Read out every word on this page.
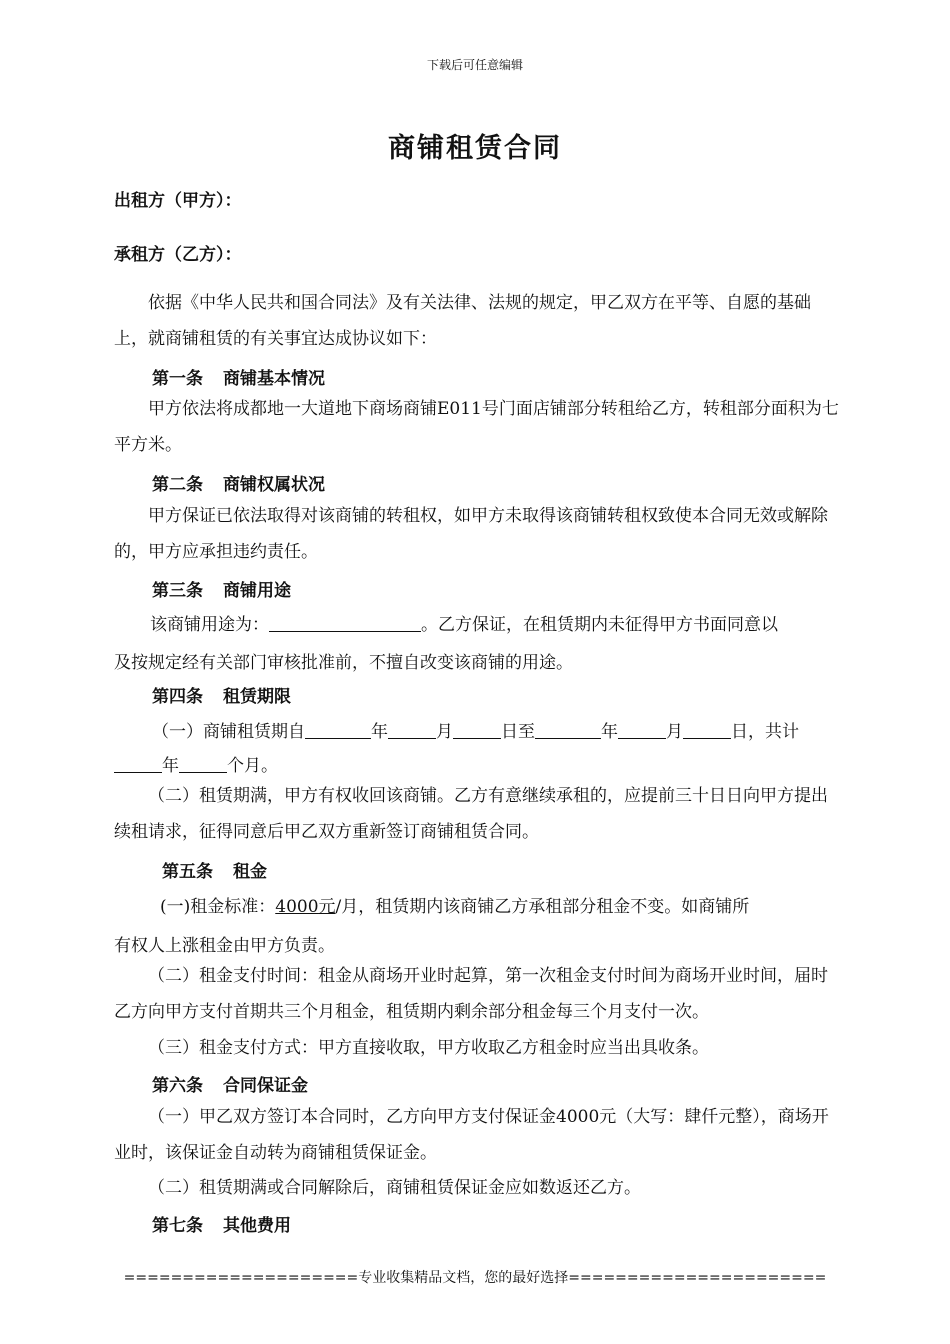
下载后可任意编辑
商铺租赁合同
出租方（甲方）：
承租方（乙方）：
依据《中华人民共和国合同法》及有关法律、法规的规定，甲乙双方在平等、自愿的基础上，就商铺租赁的有关事宜达成协议如下：
第一条 商铺基本情况
甲方依法将成都地一大道地下商场商铺E011号门面店铺部分转租给乙方，转租部分面积为七平方米。
第二条 商铺权属状况
甲方保证已依法取得对该商铺的转租权，如甲方未取得该商铺转租权致使本合同无效或解除的，甲方应承担违约责任。
第三条 商铺用途
该商铺用途为：	。乙方保证，在租赁期内未征得甲方书面同意以
及按规定经有关部门审核批准前，不擅自改变该商铺的用途。
第四条 租赁期限
（一）商铺租赁期自	年	月	日至	年	月	日，共计
年	个月。
（二）租赁期满，甲方有权收回该商铺。乙方有意继续承租的，应提前三十日日向甲方提出续租请求，征得同意后甲乙双方重新签订商铺租赁合同。
第五条 租金
(一)租金标准：4000元/月，租赁期内该商铺乙方承租部分租金不变。如商铺所
有权人上涨租金由甲方负责。
（二）租金支付时间：租金从商场开业时起算，第一次租金支付时间为商场开业时间，届时乙方向甲方支付首期共三个月租金，租赁期内剩余部分租金每三个月支付一次。
（三）租金支付方式：甲方直接收取，甲方收取乙方租金时应当出具收条。
第六条 合同保证金
（一）甲乙双方签订本合同时，乙方向甲方支付保证金4000元（大写：肆仟元整），商场开业时，该保证金自动转为商铺租赁保证金。
（二）租赁期满或合同解除后，商铺租赁保证金应如数返还乙方。
第七条 其他费用
====================专业收集精品文档，您的最好选择======================
